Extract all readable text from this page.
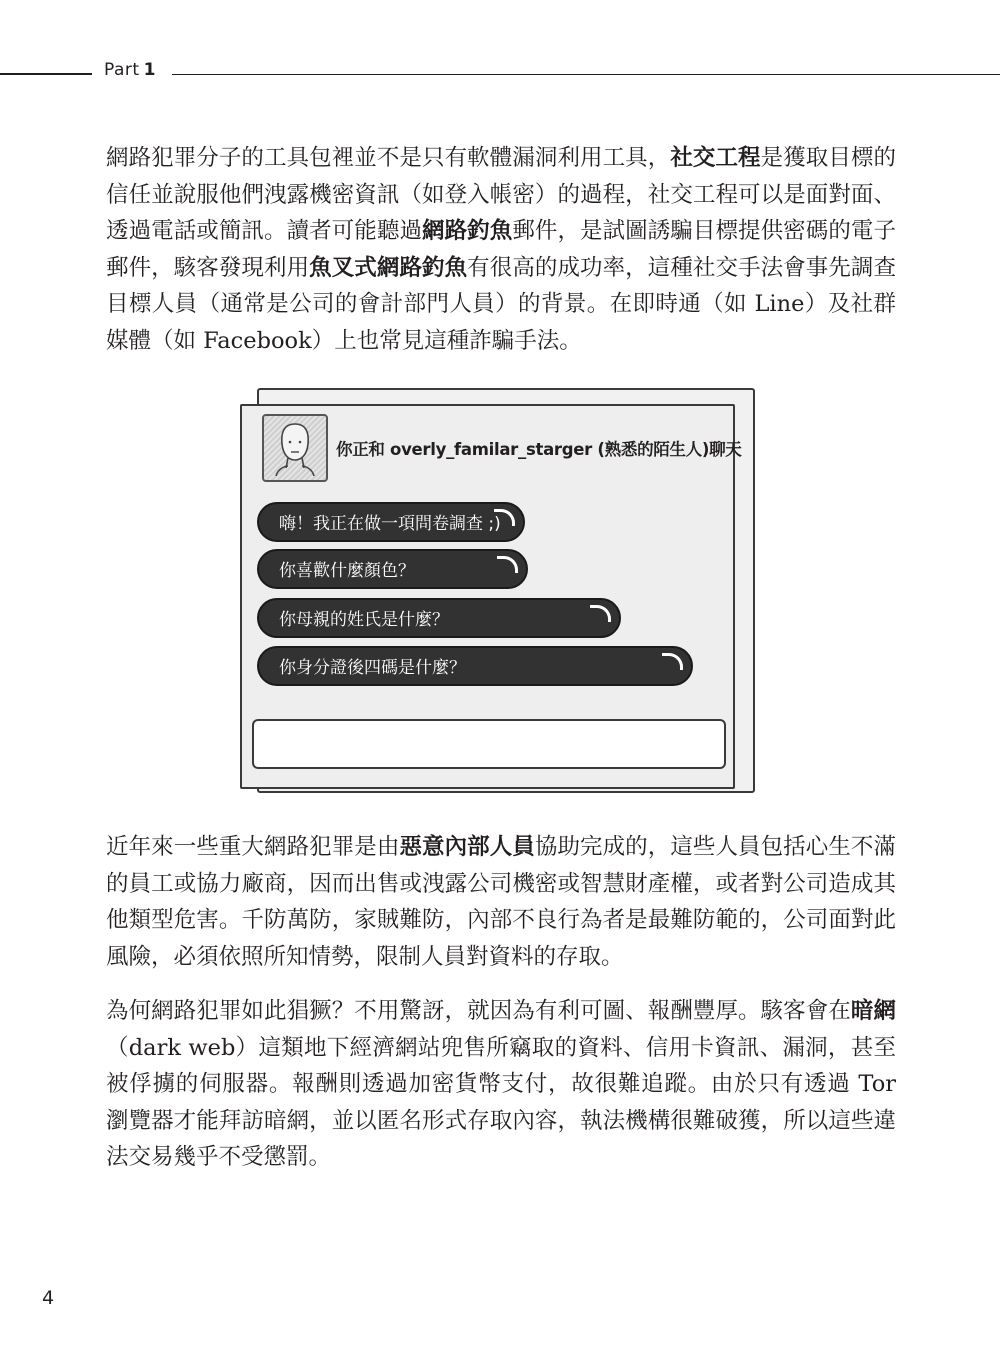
Part 1

網路犯罪分子的工具包裡並不是只有軟體漏洞利用工具，社交工程是獲取目標的信任並說服他們洩露機密資訊（如登入帳密）的過程，社交工程可以是面對面、透過電話或簡訊。讀者可能聽過網路釣魚郵件，是試圖誘騙目標提供密碼的電子郵件，駭客發現利用魚叉式網路釣魚有很高的成功率，這種社交手法會事先調查目標人員（通常是公司的會計部門人員）的背景。在即時通（如 Line）及社群媒體（如 Facebook）上也常見這種詐騙手法。

你正和 overly_familar_starger (熟悉的陌生人)聊天
嗨！我正在做一項問卷調查 ;)
你喜歡什麼顏色？
你母親的姓氏是什麼？
你身分證後四碼是什麼？

近年來一些重大網路犯罪是由惡意內部人員協助完成的，這些人員包括心生不滿的員工或協力廠商，因而出售或洩露公司機密或智慧財產權，或者對公司造成其他類型危害。千防萬防，家賊難防，內部不良行為者是最難防範的，公司面對此風險，必須依照所知情勢，限制人員對資料的存取。

為何網路犯罪如此猖獗？不用驚訝，就因為有利可圖、報酬豐厚。駭客會在暗網（dark web）這類地下經濟網站兜售所竊取的資料、信用卡資訊、漏洞，甚至被俘擄的伺服器。報酬則透過加密貨幣支付，故很難追蹤。由於只有透過 Tor 瀏覽器才能拜訪暗網，並以匿名形式存取內容，執法機構很難破獲，所以這些違法交易幾乎不受懲罰。

4
